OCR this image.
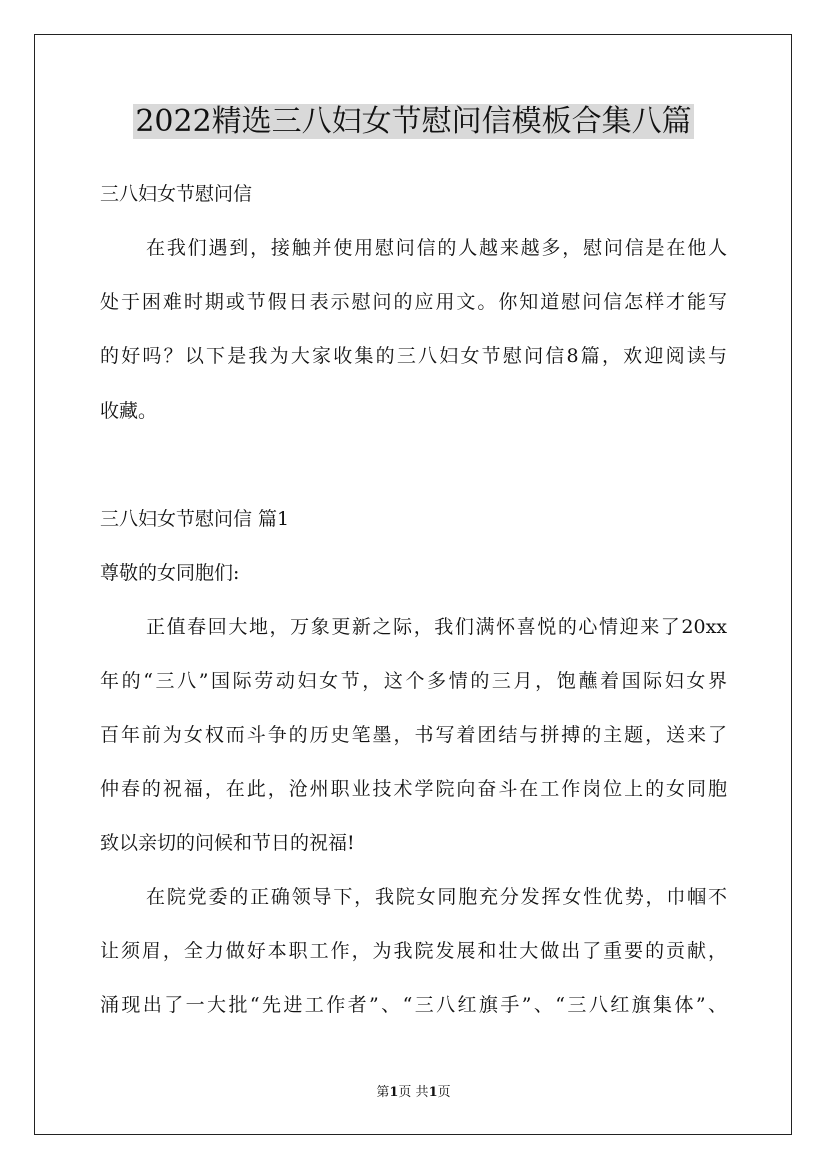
2022精选三八妇女节慰问信模板合集八篇
三八妇女节慰问信
在我们遇到，接触并使用慰问信的人越来越多，慰问信是在他人
处于困难时期或节假日表示慰问的应用文。你知道慰问信怎样才能写
的好吗？以下是我为大家收集的三八妇女节慰问信8篇，欢迎阅读与
收藏。
三八妇女节慰问信 篇1
尊敬的女同胞们:
正值春回大地，万象更新之际，我们满怀喜悦的心情迎来了20xx
年的“三八”国际劳动妇女节，这个多情的三月，饱蘸着国际妇女界
百年前为女权而斗争的历史笔墨，书写着团结与拼搏的主题，送来了
仲春的祝福，在此，沧州职业技术学院向奋斗在工作岗位上的女同胞
致以亲切的问候和节日的祝福!
在院党委的正确领导下，我院女同胞充分发挥女性优势，巾帼不
让须眉，全力做好本职工作，为我院发展和壮大做出了重要的贡献，
涌现出了一大批“先进工作者”、“三八红旗手”、“三八红旗集体”、
第1页 共1页
